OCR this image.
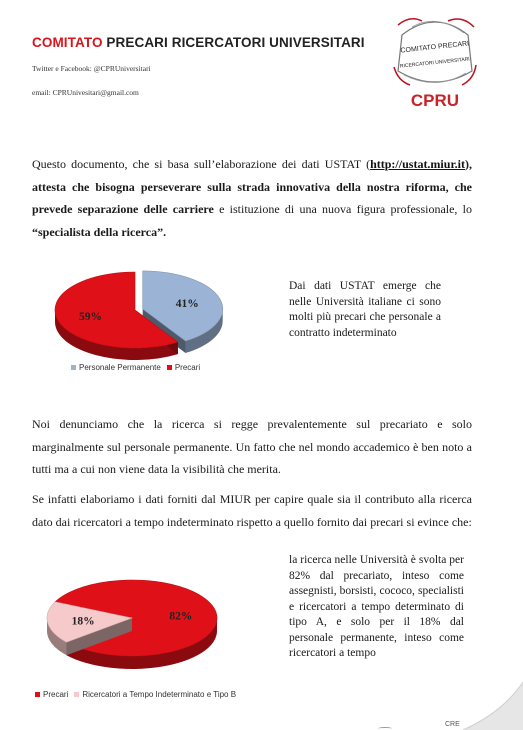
COMITATO PRECARI RICERCATORI UNIVERSITARI
Twitter e Facebook: @CPRUniversitari
email: CPRUnivesitari@gmail.com
COMITATO PRECARI
RICERCATORI UNIVERSITARI
CPRU
Questo documento, che si basa sull’elaborazione dei dati USTAT (http://ustat.miur.it), attesta che bisogna perseverare sulla strada innovativa della nostra riforma, che prevede separazione delle carriere e istituzione di una nuova figura professionale, lo “specialista della ricerca”.
41%
59%
Personale Permanente Precari
Dai dati USTAT emerge che nelle Università italiane ci sono molti più precari che personale a contratto indeterminato
Noi denunciamo che la ricerca si regge prevalentemente sul precariato e solo marginalmente sul personale permanente. Un fatto che nel mondo accademico è ben noto a tutti ma a cui non viene data la visibilità che merita.
Se infatti elaboriamo i dati forniti dal MIUR per capire quale sia il contributo alla ricerca dato dai ricercatori a tempo indeterminato rispetto a quello fornito dai precari si evince che:
82%
18%
Precari Ricercatori a Tempo Indeterminato e Tipo B
la ricerca nelle Università è svolta per 82% dal precariato, inteso come assegnisti, borsisti, cococo, specialisti e ricercatori a tempo determinato di tipo A, e solo per il 18% dal personale permanente, inteso come ricercatori a tempo
CRE
